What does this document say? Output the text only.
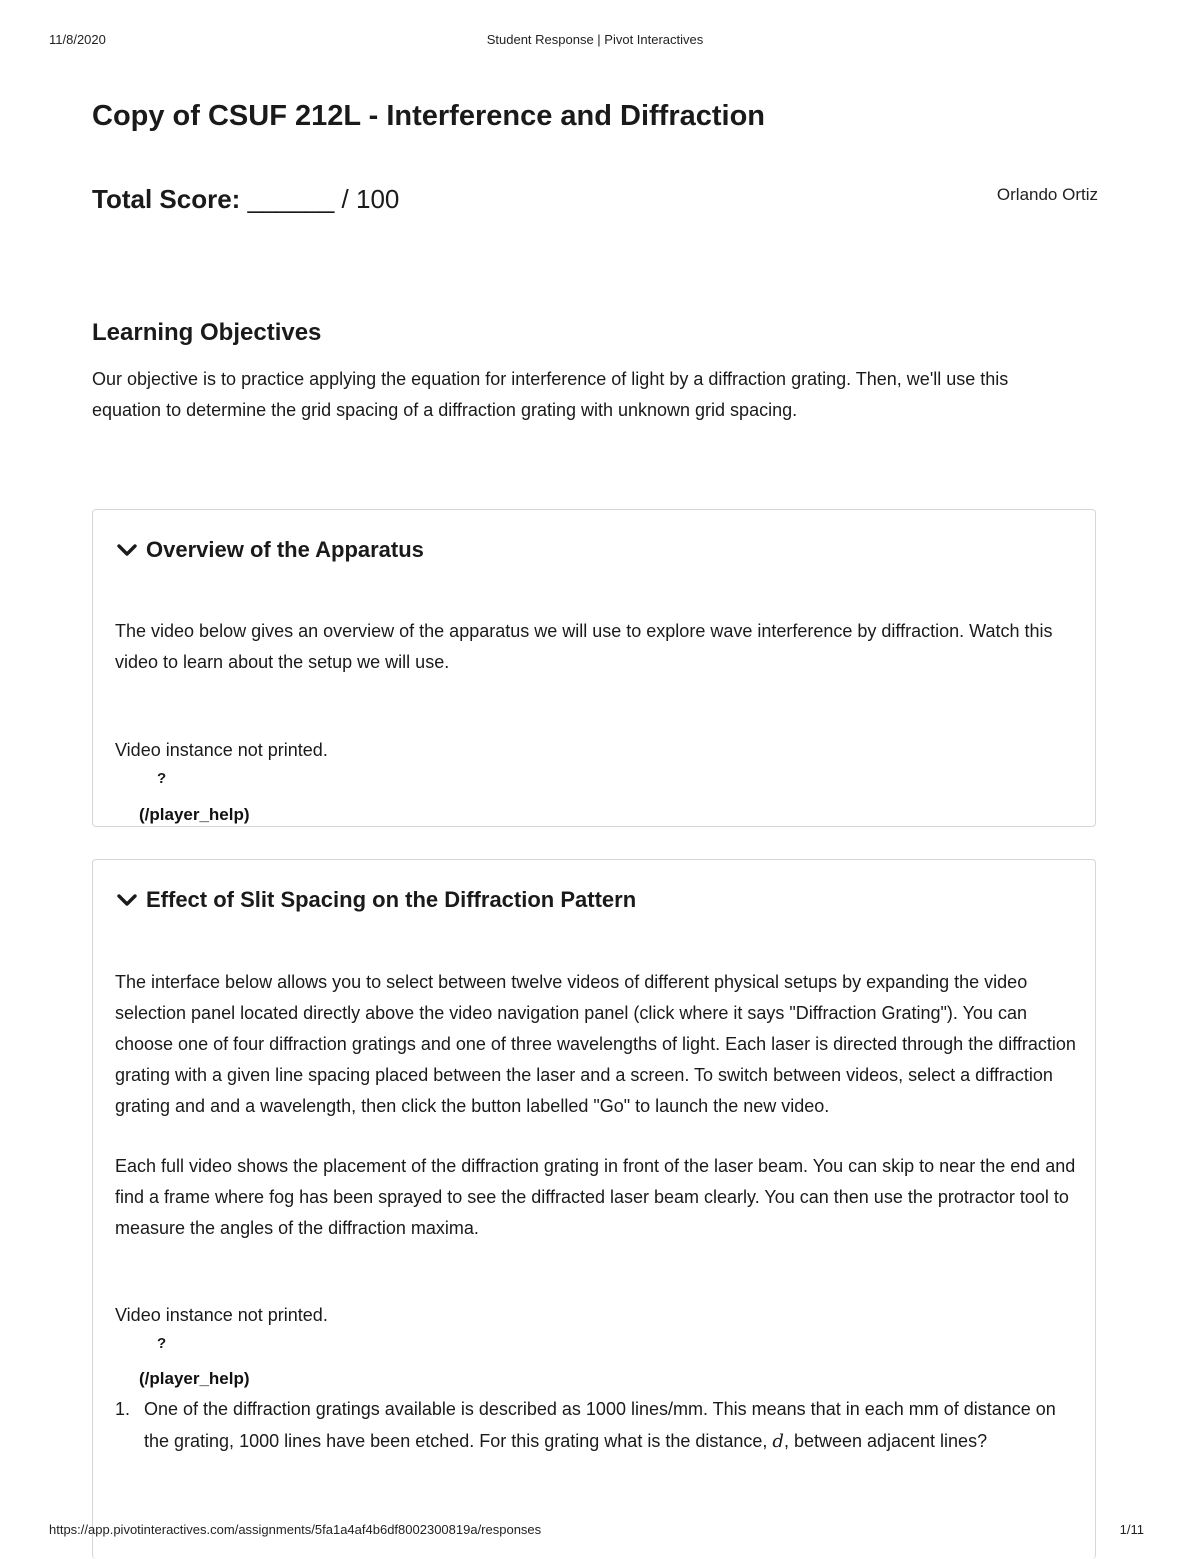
11/8/2020	Student Response | Pivot Interactives
Copy of CSUF 212L - Interference and Diffraction
Total Score: ______ / 100	Orlando Ortiz
Learning Objectives
Our objective is to practice applying the equation for interference of light by a diffraction grating. Then, we'll use this equation to determine the grid spacing of a diffraction grating with unknown grid spacing.
Overview of the Apparatus
The video below gives an overview of the apparatus we will use to explore wave interference by diffraction. Watch this video to learn about the setup we will use.
Video instance not printed.
?
(/player_help)
Effect of Slit Spacing on the Diffraction Pattern
The interface below allows you to select between twelve videos of different physical setups by expanding the video selection panel located directly above the video navigation panel (click where it says "Diffraction Grating"). You can choose one of four diffraction gratings and one of three wavelengths of light. Each laser is directed through the diffraction grating with a given line spacing placed between the laser and a screen. To switch between videos, select a diffraction grating and and a wavelength, then click the button labelled "Go" to launch the new video.
Each full video shows the placement of the diffraction grating in front of the laser beam. You can skip to near the end and find a frame where fog has been sprayed to see the diffracted laser beam clearly. You can then use the protractor tool to measure the angles of the diffraction maxima.
Video instance not printed.
?
(/player_help)
1. One of the diffraction gratings available is described as 1000 lines/mm. This means that in each mm of distance on the grating, 1000 lines have been etched. For this grating what is the distance, d, between adjacent lines?
https://app.pivotinteractives.com/assignments/5fa1a4af4b6df8002300819a/responses	1/11
